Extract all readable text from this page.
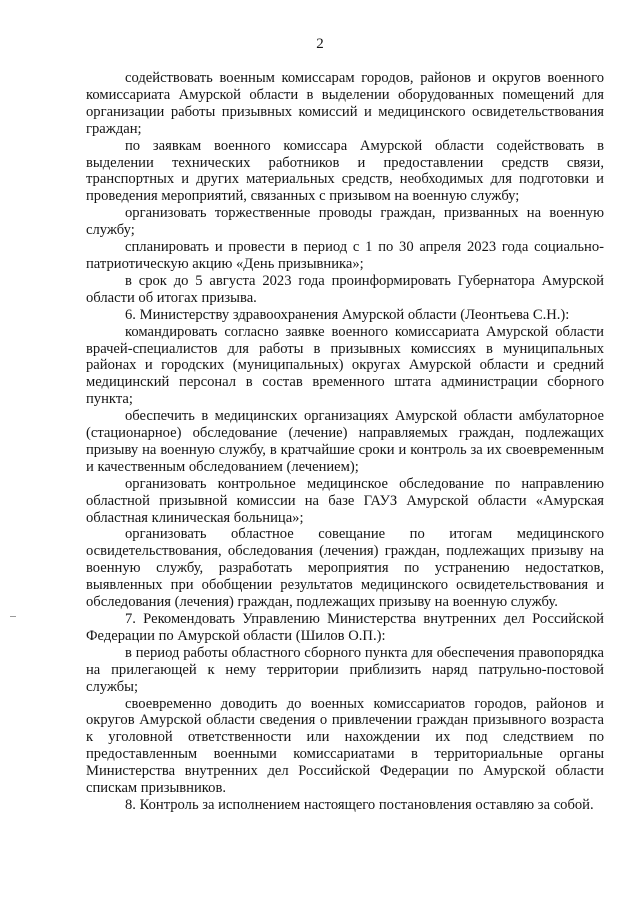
2

содействовать военным комиссарам городов, районов и округов военного комиссариата Амурской области в выделении оборудованных помещений для организации работы призывных комиссий и медицинского освидетельствования граждан;

по заявкам военного комиссара Амурской области содействовать в выделении технических работников и предоставлении средств связи, транспортных и других материальных средств, необходимых для подготовки и проведения мероприятий, связанных с призывом на военную службу;

организовать торжественные проводы граждан, призванных на военную службу;

спланировать и провести в период с 1 по 30 апреля 2023 года социально-патриотическую акцию «День призывника»;

в срок до 5 августа 2023 года проинформировать Губернатора Амурской области об итогах призыва.

6. Министерству здравоохранения Амурской области (Леонтьева С.Н.):

командировать согласно заявке военного комиссариата Амурской области врачей-специалистов для работы в призывных комиссиях в муниципальных районах и городских (муниципальных) округах Амурской области и средний медицинский персонал в состав временного штата администрации сборного пункта;

обеспечить в медицинских организациях Амурской области амбулаторное (стационарное) обследование (лечение) направляемых граждан, подлежащих призыву на военную службу, в кратчайшие сроки и контроль за их своевременным и качественным обследованием (лечением);

организовать контрольное медицинское обследование по направлению областной призывной комиссии на базе ГАУЗ Амурской области «Амурская областная клиническая больница»;

организовать областное совещание по итогам медицинского освидетельствования, обследования (лечения) граждан, подлежащих призыву на военную службу, разработать мероприятия по устранению недостатков, выявленных при обобщении результатов медицинского освидетельствования и обследования (лечения) граждан, подлежащих призыву на военную службу.

7. Рекомендовать Управлению Министерства внутренних дел Российской Федерации по Амурской области (Шилов О.П.):

в период работы областного сборного пункта для обеспечения правопорядка на прилегающей к нему территории приблизить наряд патрульно-постовой службы;

своевременно доводить до военных комиссариатов городов, районов и округов Амурской области сведения о привлечении граждан призывного возраста к уголовной ответственности или нахождении их под следствием по предоставленным военными комиссариатами в территориальные органы Министерства внутренних дел Российской Федерации по Амурской области спискам призывников.

8. Контроль за исполнением настоящего постановления оставляю за собой.
